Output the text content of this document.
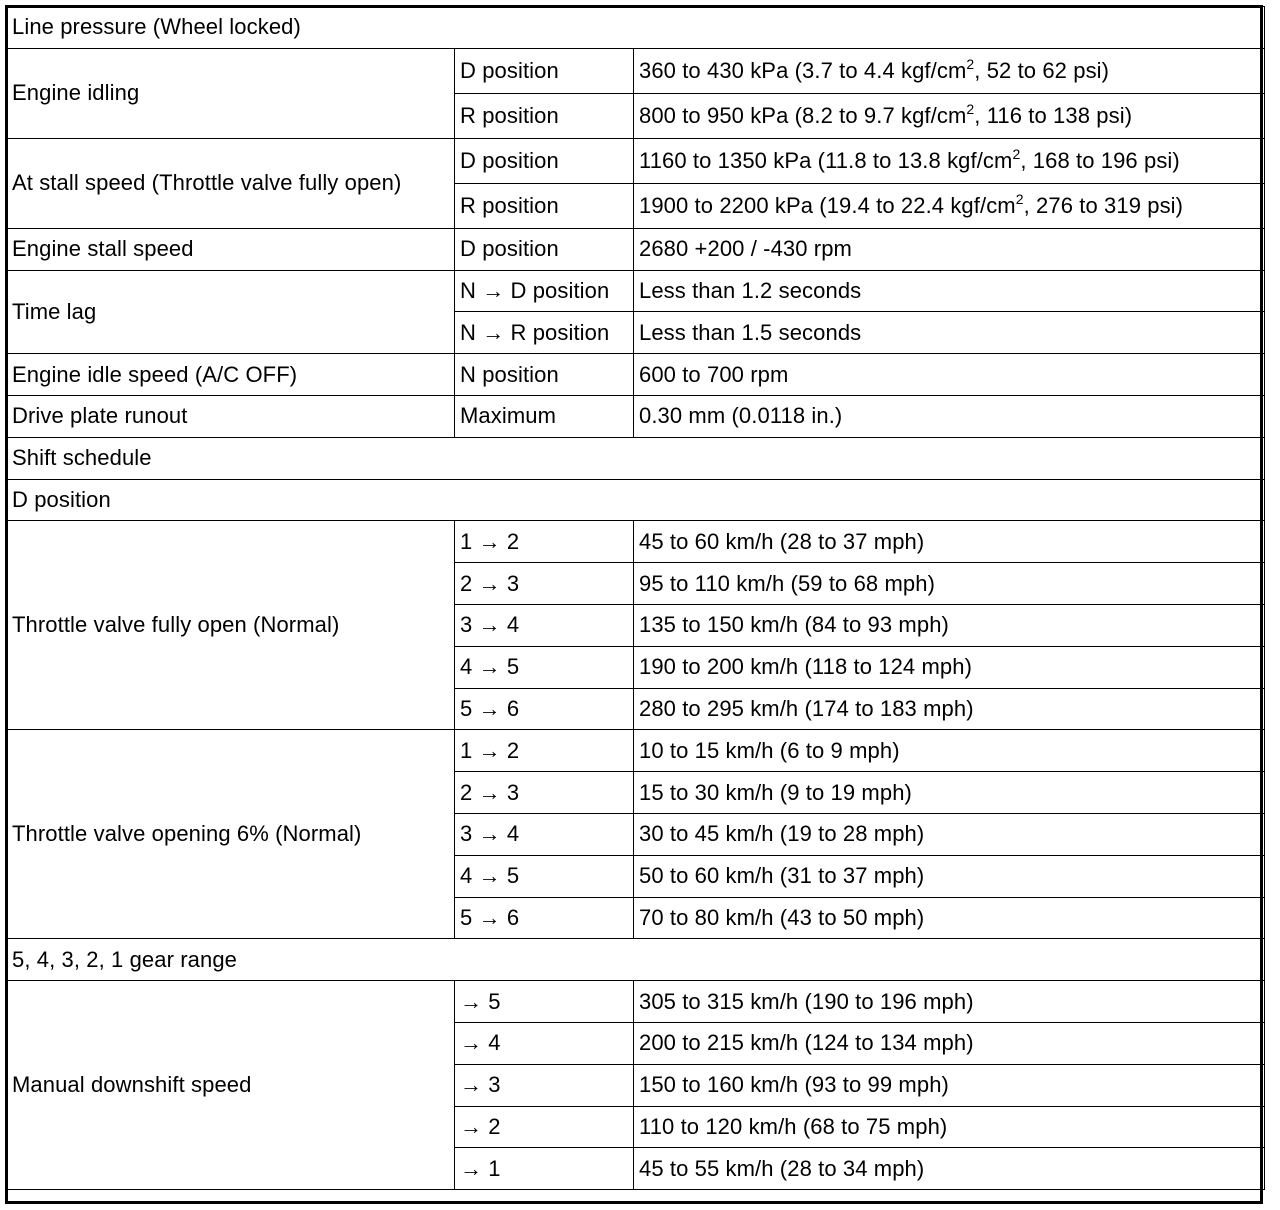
Line pressure (Wheel locked)		
Engine idling	D position	360 to 430 kPa (3.7 to 4.4 kgf/$cm^2$, 52 to 62 psi)
	R position	800 to 950 kPa (8.2 to 9.7 kgf/$cm^2$, 116 to 138 psi)
At stall speed (Throttle valve fully open)	D position	1160 to 1350 kPa (11.8 to 13.8 kgf/$cm^2$, 168 to 196 psi)
	R position	1900 to 2200 kPa (19.4 to 22.4 kgf/$cm^2$, 276 to 319 psi)
Engine stall speed	D position	2680 +200 / -430 rpm
Time lag	N → D position	Less than 1.2 seconds
	N → R position	Less than 1.5 seconds
Engine idle speed (A/C OFF)	N position	600 to 700 rpm
Drive plate runout	Maximum	0.30 mm (0.0118 in.)
Shift schedule		
D position		
Throttle valve fully open (Normal)	1 → 2	45 to 60 km/h (28 to 37 mph)
	2 → 3	95 to 110 km/h (59 to 68 mph)
	3 → 4	135 to 150 km/h (84 to 93 mph)
	4 → 5	190 to 200 km/h (118 to 124 mph)
	5 → 6	280 to 295 km/h (174 to 183 mph)
Throttle valve opening 6% (Normal)	1 → 2	10 to 15 km/h (6 to 9 mph)
	2 → 3	15 to 30 km/h (9 to 19 mph)
	3 → 4	30 to 45 km/h (19 to 28 mph)
	4 → 5	50 to 60 km/h (31 to 37 mph)
	5 → 6	70 to 80 km/h (43 to 50 mph)
5, 4, 3, 2, 1 gear range		
Manual downshift speed	→ 5	305 to 315 km/h (190 to 196 mph)
	→ 4	200 to 215 km/h (124 to 134 mph)
	→ 3	150 to 160 km/h (93 to 99 mph)
	→ 2	110 to 120 km/h (68 to 75 mph)
	→ 1	45 to 55 km/h (28 to 34 mph)
